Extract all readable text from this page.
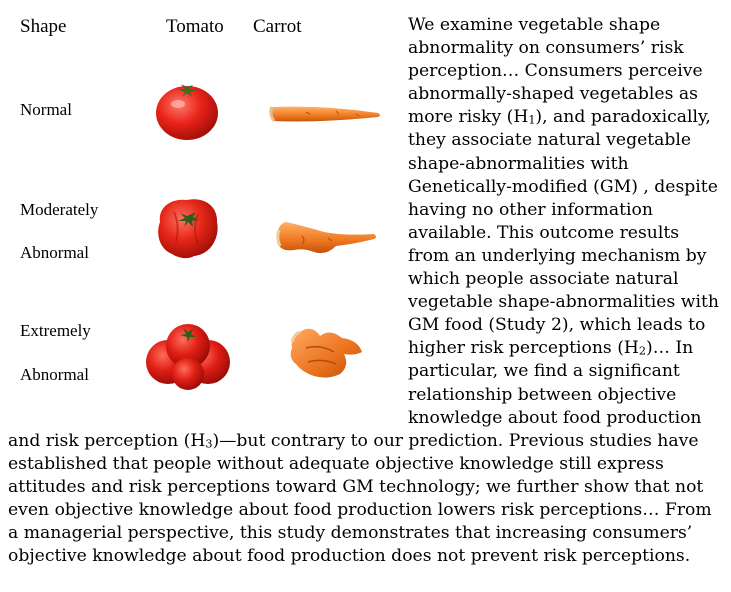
Shape	Tomato Carrot
Normal
Moderately
Abnormal
Extremely
Abnormal

We examine vegetable shape abnormality on consumers’ risk perception… Consumers perceive abnormally-shaped vegetables as more risky $(H_1)$, and paradoxically, they associate natural vegetable shape-abnormalities with Genetically-modified (GM) , despite having no other information available. This outcome results from an underlying mechanism by which people associate natural vegetable shape-abnormalities with GM food (Study 2), which leads to higher risk perceptions $(H_2)\dots$ In particular, we find a significant relationship between objective knowledge about food production and risk perception $(H_3)—but$ contrary to our prediction. Previous studies have established that people without adequate objective knowledge still express attitudes and risk perceptions toward GM technology; we further show that not even objective knowledge about food production lowers risk perceptions… From a managerial perspective, this study demonstrates that increasing consumers’ objective knowledge about food production does not prevent risk perceptions.
